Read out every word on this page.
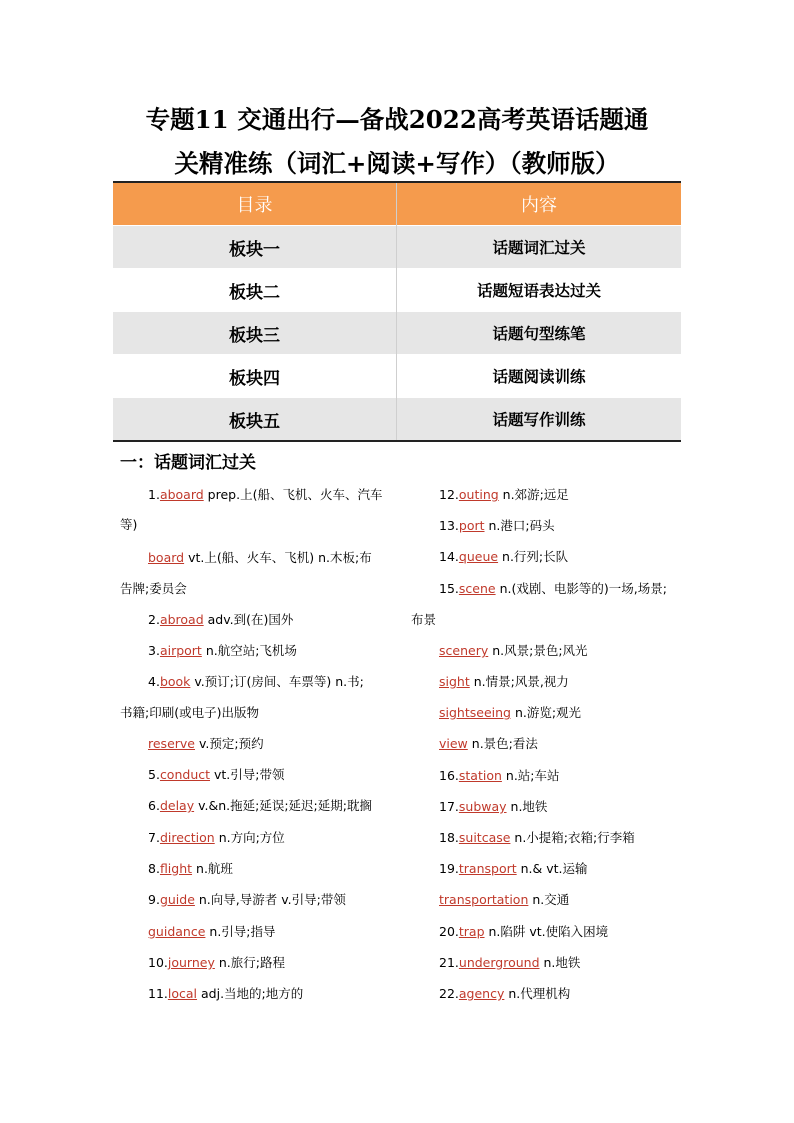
专题11 交通出行—备战2022高考英语话题通
关精准练（词汇+阅读+写作）（教师版）
目录	内容
板块一	话题词汇过关
板块二	话题短语表达过关
板块三	话题句型练笔
板块四	话题阅读训练
板块五	话题写作训练
一：话题词汇过关
1.aboard prep.上(船、飞机、火车、汽车
等)
board vt.上(船、火车、飞机) n.木板;布
告牌;委员会
2.abroad adv.到(在)国外
3.airport n.航空站;飞机场
4.book v.预订;订(房间、车票等) n.书;
书籍;印刷(或电子)出版物
reserve v.预定;预约
5.conduct vt.引导;带领
6.delay v.&n.拖延;延误;延迟;延期;耽搁
7.direction n.方向;方位
8.flight n.航班
9.guide n.向导,导游者 v.引导;带领
guidance n.引导;指导
10.journey n.旅行;路程
11.local adj.当地的;地方的
12.outing n.郊游;远足
13.port n.港口;码头
14.queue n.行列;长队
15.scene n.(戏剧、电影等的)一场,场景;
布景
scenery n.风景;景色;风光
sight n.情景;风景,视力
sightseeing n.游览;观光
view n.景色;看法
16.station n.站;车站
17.subway n.地铁
18.suitcase n.小提箱;衣箱;行李箱
19.transport n.& vt.运输
transportation n.交通
20.trap n.陷阱 vt.使陷入困境
21.underground n.地铁
22.agency n.代理机构
